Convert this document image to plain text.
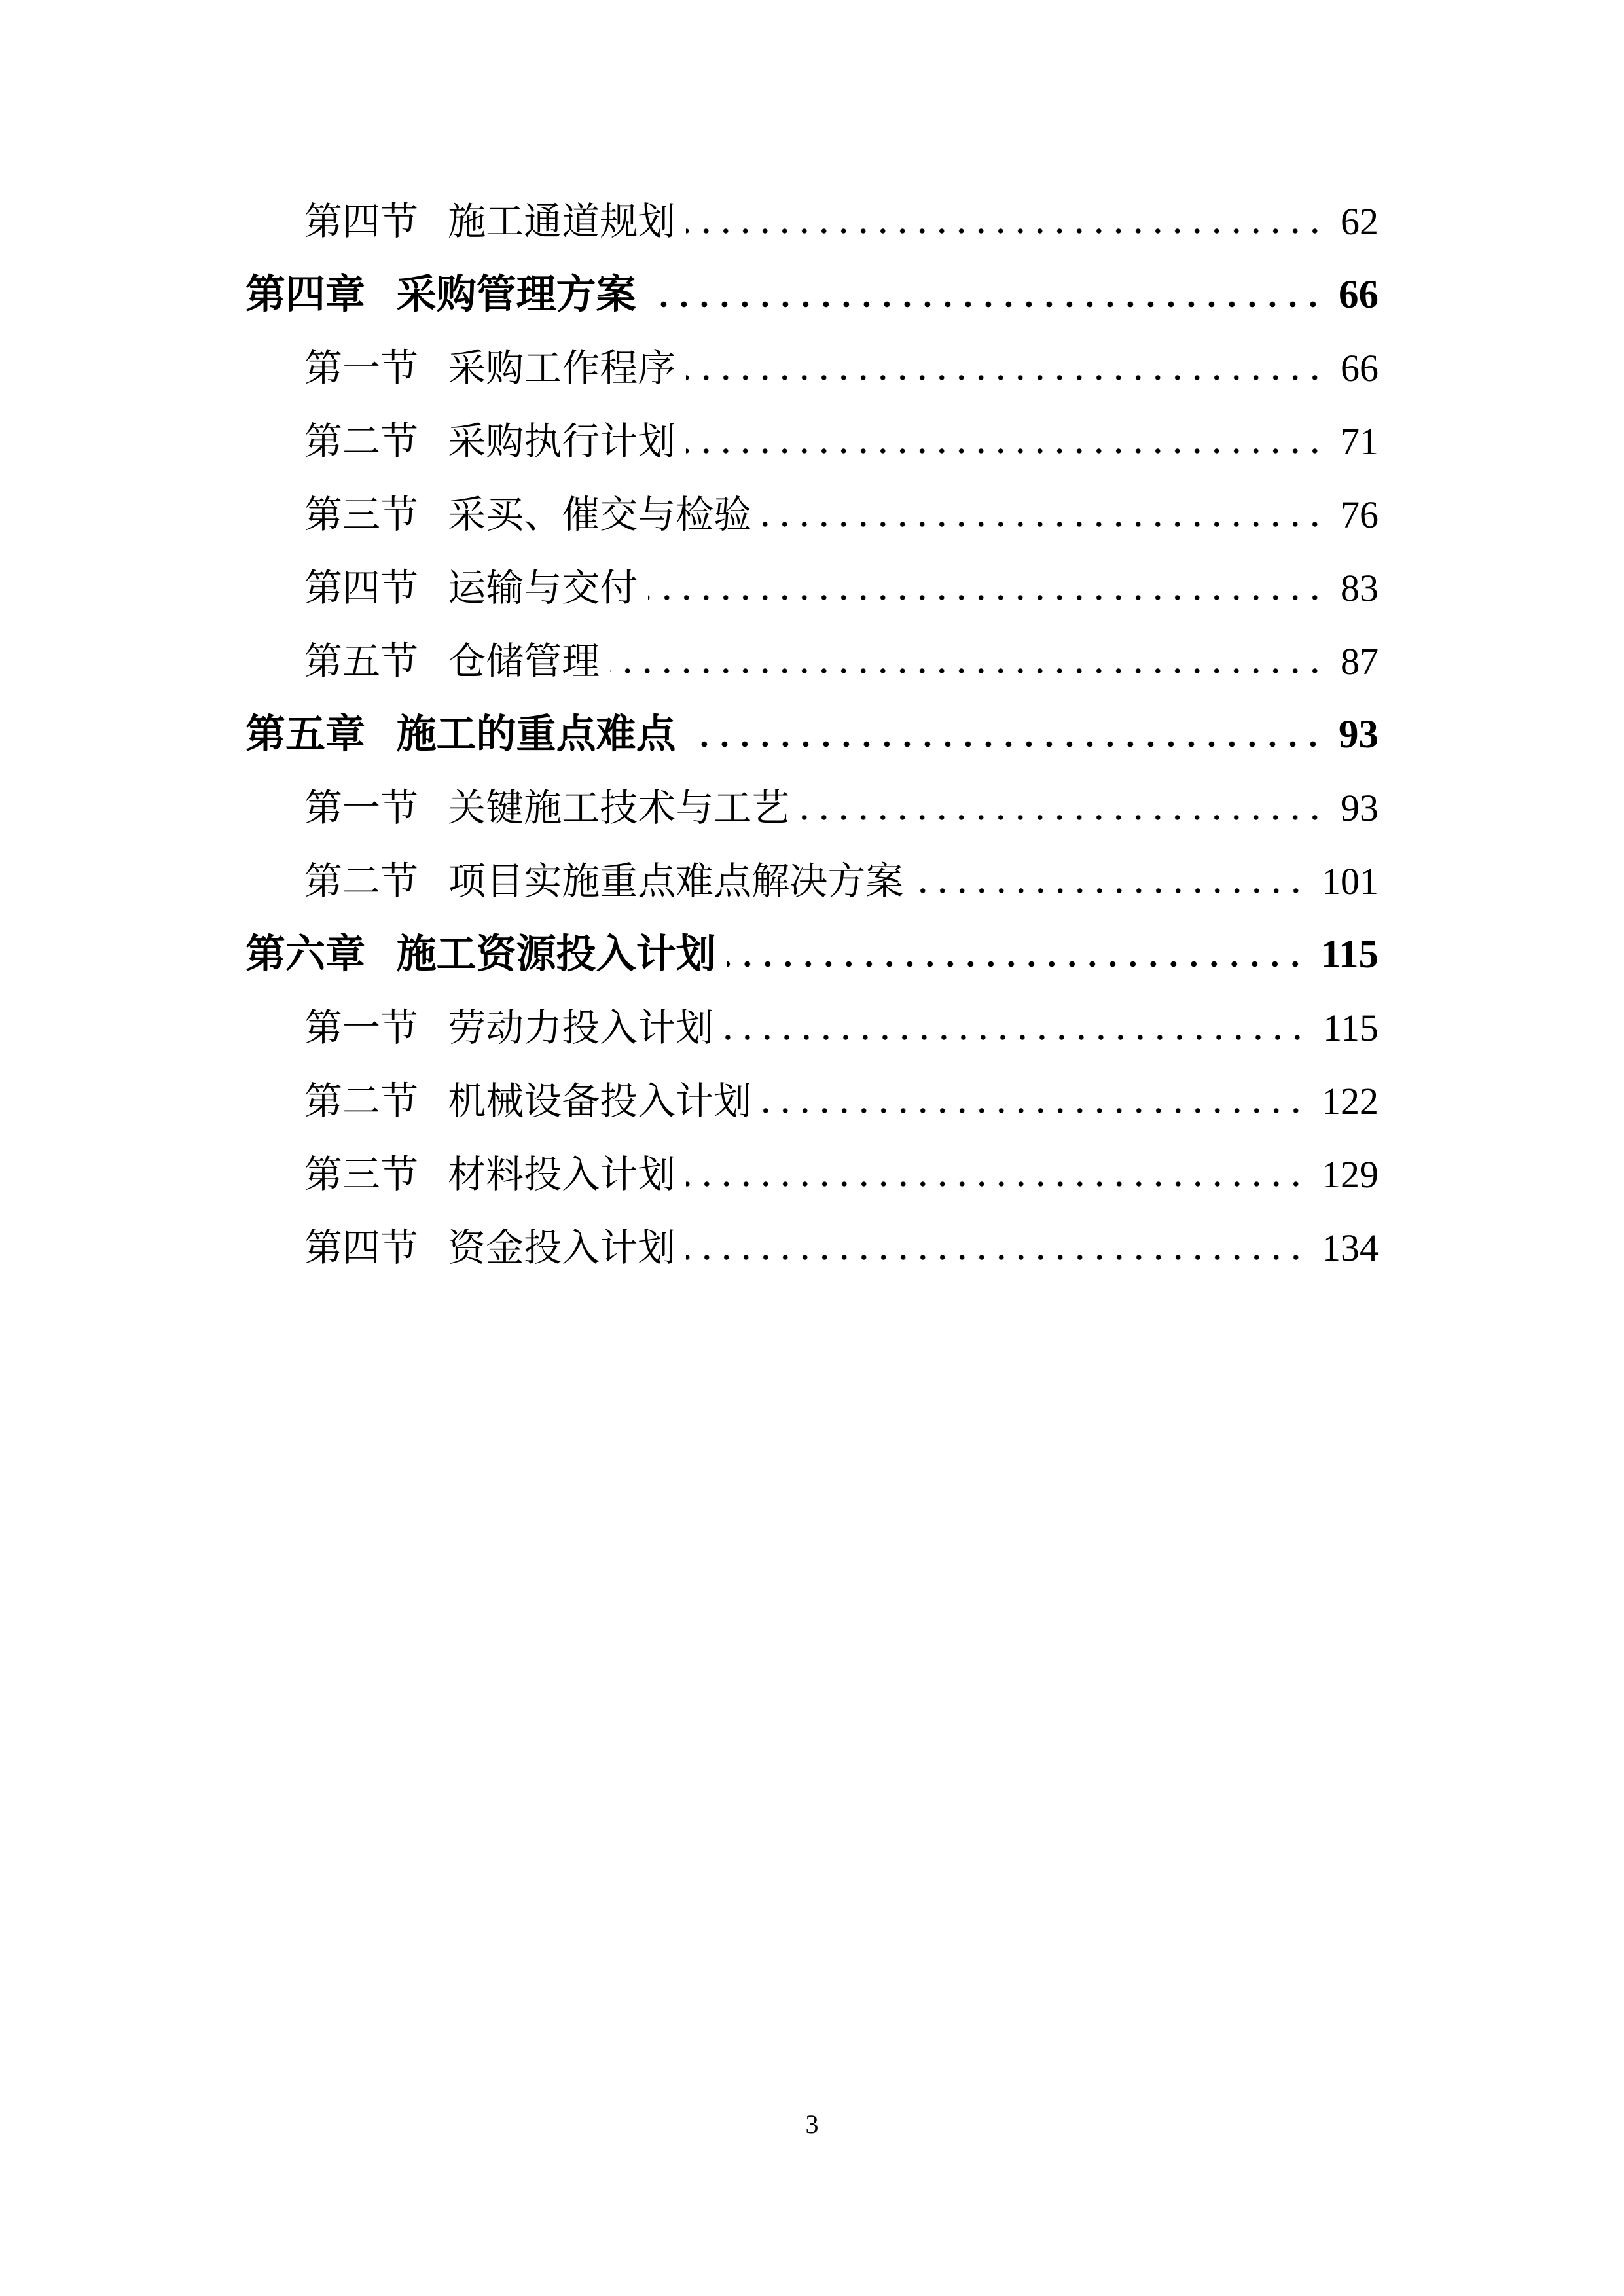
第四节 施工通道规划	62
第四章 采购管理方案	66
第一节 采购工作程序	66
第二节 采购执行计划	71
第三节 采买、催交与检验	76
第四节 运输与交付	83
第五节 仓储管理	87
第五章 施工的重点难点	93
第一节 关键施工技术与工艺	93
第二节 项目实施重点难点解决方案	101
第六章 施工资源投入计划	115
第一节 劳动力投入计划	115
第二节 机械设备投入计划	122
第三节 材料投入计划	129
第四节 资金投入计划	134
3
